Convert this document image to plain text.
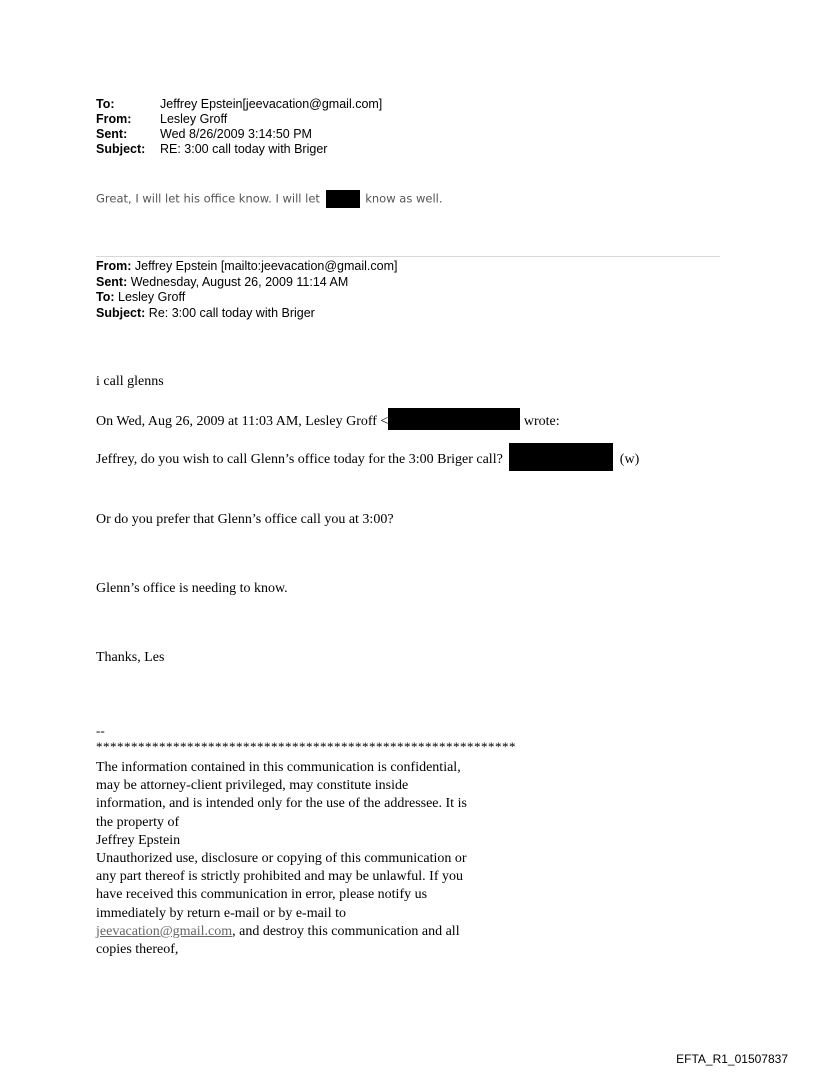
To:	Jeffrey Epstein[jeevacation@gmail.com]
From:	Lesley Groff
Sent:	Wed 8/26/2009 3:14:50 PM
Subject:	RE: 3:00 call today with Briger
Great, I will let his office know. I will let	know as well.
From: Jeffrey Epstein [mailto:jeevacation@gmail.com]
Sent: Wednesday, August 26, 2009 11:14 AM
To: Lesley Groff
Subject: Re: 3:00 call today with Briger
i call glenns
On Wed, Aug 26, 2009 at 11:03 AM, Lesley Groff <	wrote:
Jeffrey, do you wish to call Glenn’s office today for the 3:00 Briger call?	(w)
Or do you prefer that Glenn’s office call you at 3:00?
Glenn’s office is needing to know.
Thanks, Les
--
************************************************************
The information contained in this communication is confidential, may be attorney-client privileged, may constitute inside information, and is intended only for the use of the addressee. It is the property of
Jeffrey Epstein
Unauthorized use, disclosure or copying of this communication or any part thereof is strictly prohibited and may be unlawful. If you have received this communication in error, please notify us immediately by return e-mail or by e-mail to jeevacation@gmail.com, and destroy this communication and all copies thereof,
EFTA_R1_01507837
